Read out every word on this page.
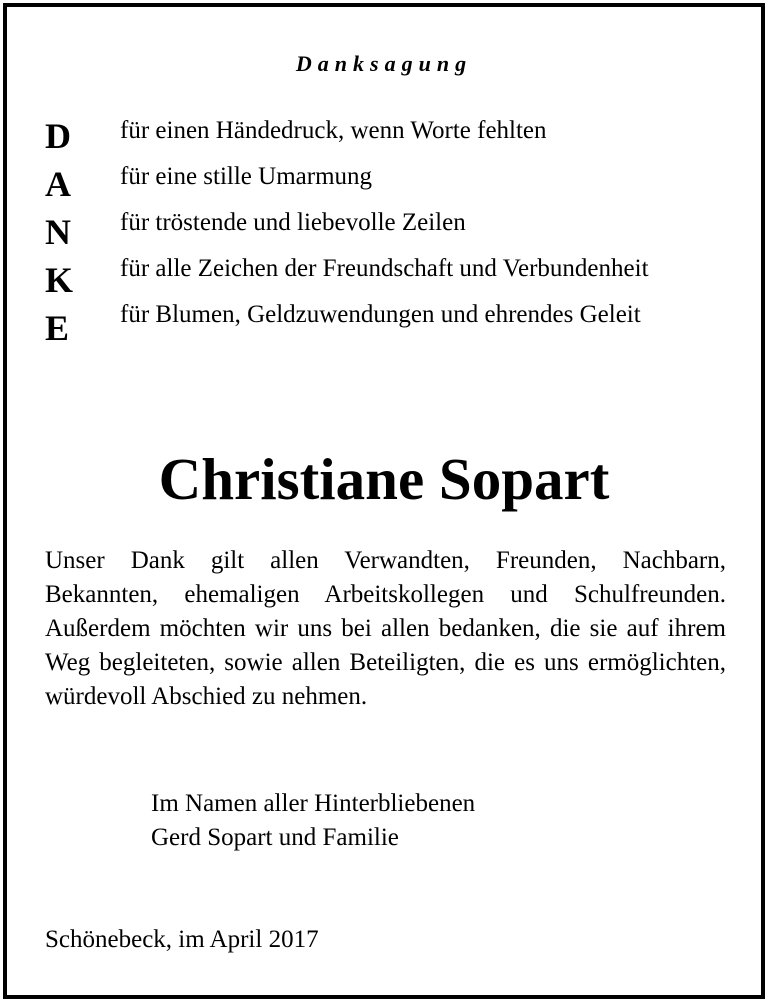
Danksagung
D
A
N
K
E
für einen Händedruck, wenn Worte fehlten
für eine stille Umarmung
für tröstende und liebevolle Zeilen
für alle Zeichen der Freundschaft und Verbundenheit
für Blumen, Geldzuwendungen und ehrendes Geleit
Christiane Sopart
Unser Dank gilt allen Verwandten, Freunden, Nachbarn, Bekannten, ehemaligen Arbeitskollegen und Schulfreunden. Außerdem möchten wir uns bei allen bedanken, die sie auf ihrem Weg begleiteten, sowie allen Beteiligten, die es uns ermöglichten, würdevoll Abschied zu nehmen.
Im Namen aller Hinterbliebenen
Gerd Sopart und Familie
Schönebeck, im April 2017
